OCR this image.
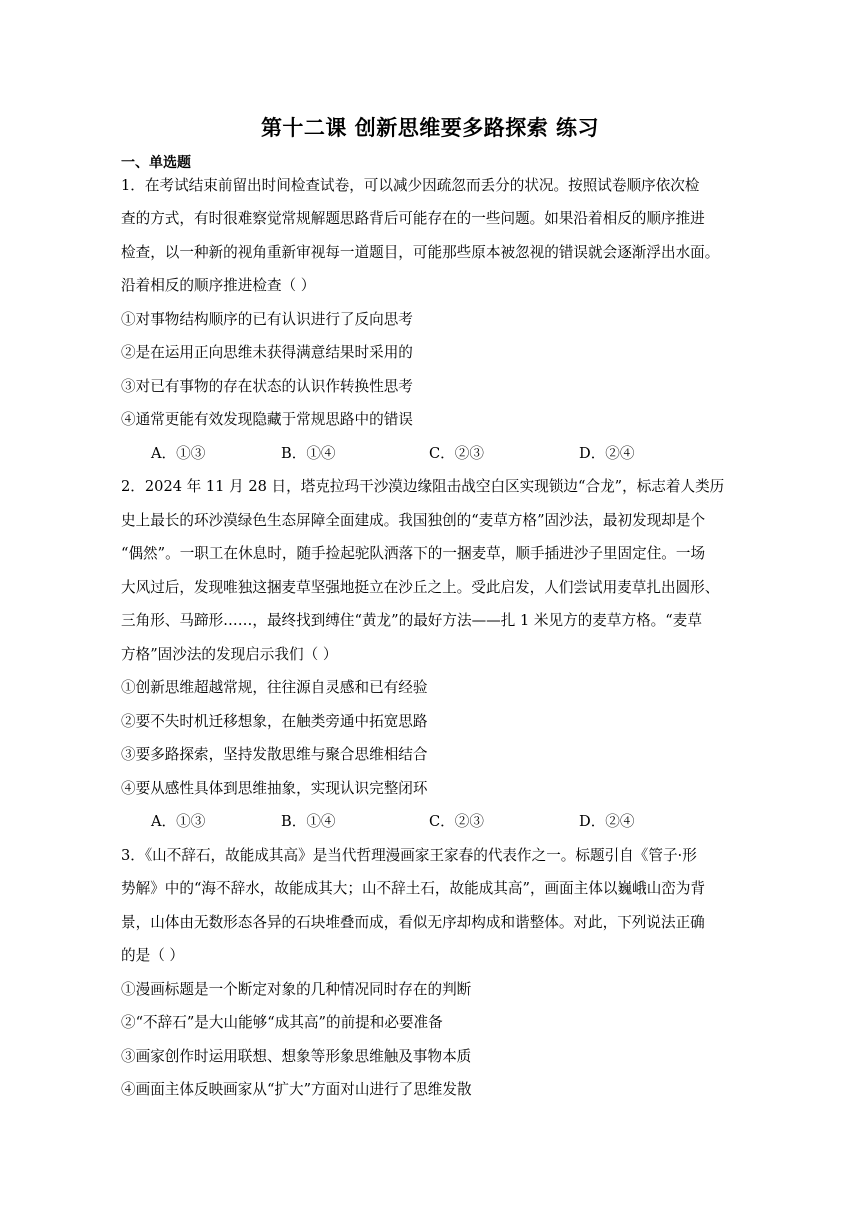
第十二课 创新思维要多路探索 练习
一、单选题
1．在考试结束前留出时间检查试卷，可以减少因疏忽而丢分的状况。按照试卷顺序依次检
查的方式，有时很难察觉常规解题思路背后可能存在的一些问题。如果沿着相反的顺序推进
检查，以一种新的视角重新审视每一道题目，可能那些原本被忽视的错误就会逐渐浮出水面。
沿着相反的顺序推进检查（ ）
①对事物结构顺序的已有认识进行了反向思考
②是在运用正向思维未获得满意结果时采用的
③对已有事物的存在状态的认识作转换性思考
④通常更能有效发现隐藏于常规思路中的错误
A．①③	B．①④	C．②③	D．②④
2．2024 年 11 月 28 日，塔克拉玛干沙漠边缘阻击战空白区实现锁边“合龙”，标志着人类历
史上最长的环沙漠绿色生态屏障全面建成。我国独创的“麦草方格”固沙法，最初发现却是个
“偶然”。一职工在休息时，随手捡起驼队洒落下的一捆麦草，顺手插进沙子里固定住。一场
大风过后，发现唯独这捆麦草坚强地挺立在沙丘之上。受此启发，人们尝试用麦草扎出圆形、
三角形、马蹄形……，最终找到缚住“黄龙”的最好方法——扎 1 米见方的麦草方格。“麦草
方格”固沙法的发现启示我们（ ）
①创新思维超越常规，往往源自灵感和已有经验
②要不失时机迁移想象，在触类旁通中拓宽思路
③要多路探索，坚持发散思维与聚合思维相结合
④要从感性具体到思维抽象，实现认识完整闭环
A．①③	B．①④	C．②③	D．②④
3．《山不辞石，故能成其高》是当代哲理漫画家王家春的代表作之一。标题引自《管子·形
势解》中的“海不辞水，故能成其大；山不辞土石，故能成其高”，画面主体以巍峨山峦为背
景，山体由无数形态各异的石块堆叠而成，看似无序却构成和谐整体。对此，下列说法正确
的是（ ）
①漫画标题是一个断定对象的几种情况同时存在的判断
②“不辞石”是大山能够“成其高”的前提和必要准备
③画家创作时运用联想、想象等形象思维触及事物本质
④画面主体反映画家从“扩大”方面对山进行了思维发散
